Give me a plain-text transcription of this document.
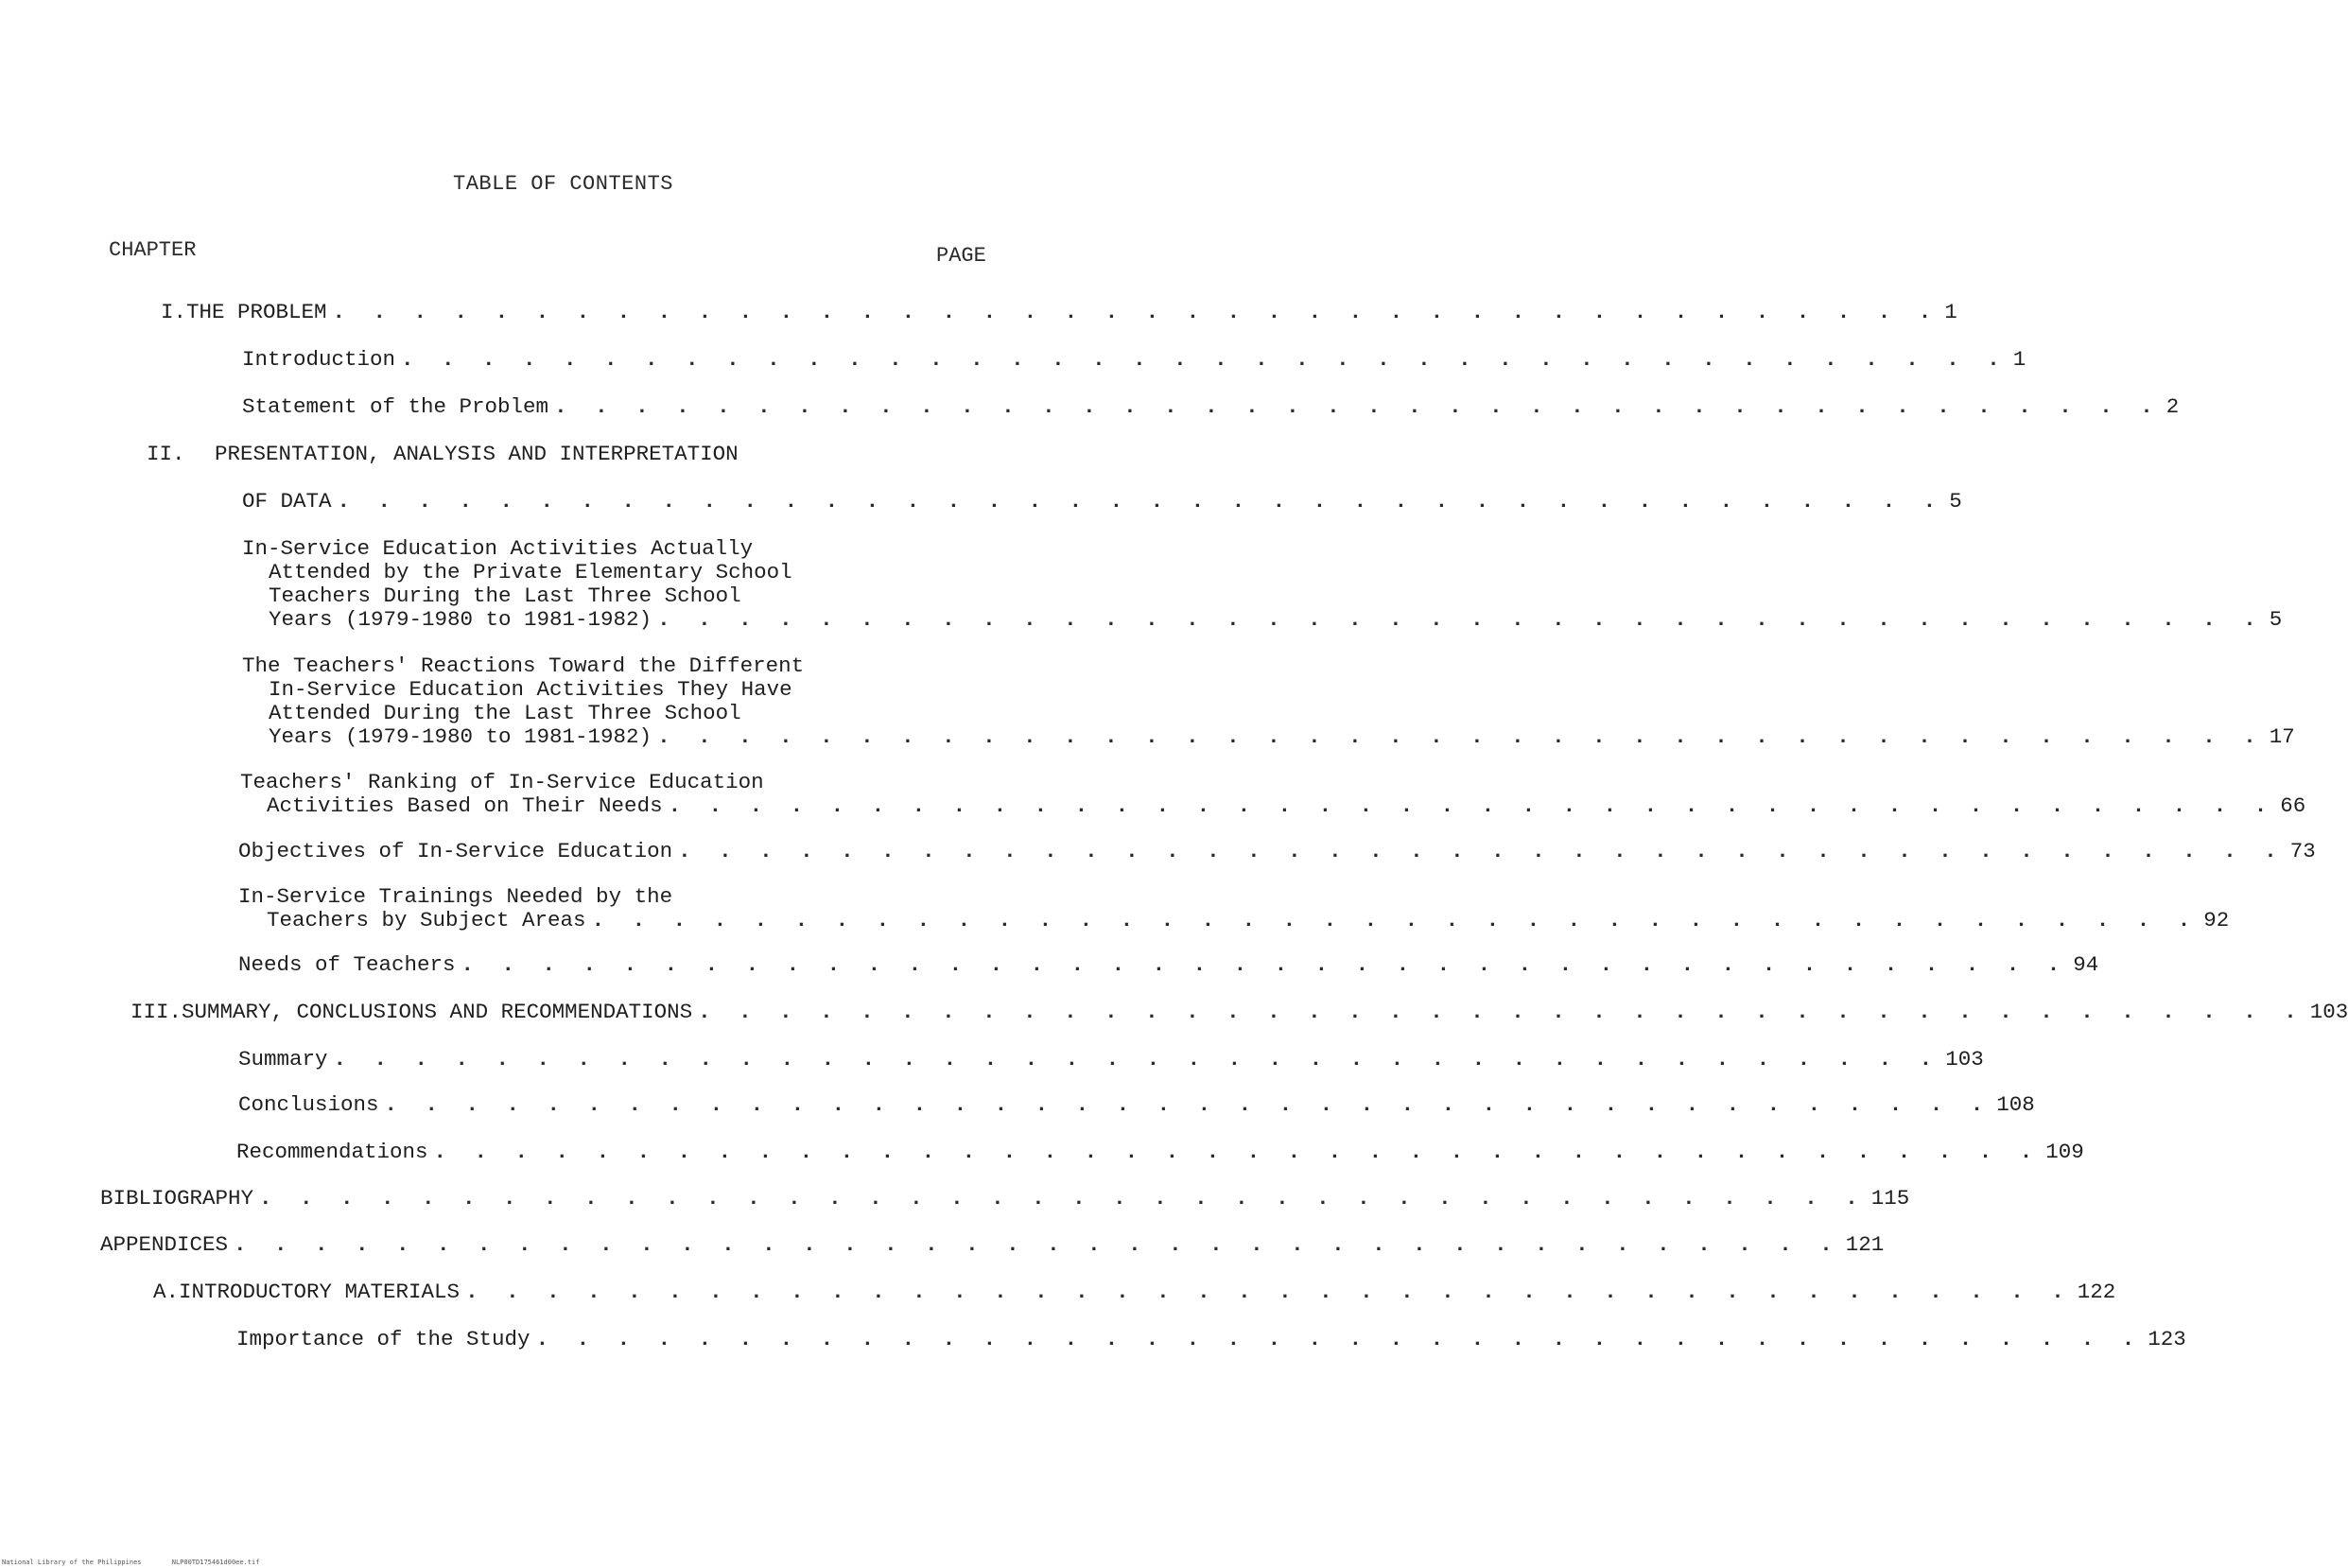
TABLE OF CONTENTS
CHAPTER	PAGE
I. THE PROBLEM . . . . . . . . . . . . . . . . . . . . . . . . . . . . . . . . . . . . . . . . 1
Introduction . . . . . . . . . . . . . . . . . . . . . . . . . . . . . . . . . . . . . . . . 1
Statement of the Problem . . . . . . . . . . . . . . . . . . . . . . . . . . . . . . . . . . . . . . . . 2
II.	PRESENTATION, ANALYSIS AND INTERPRETATION
OF DATA . . . . . . . . . . . . . . . . . . . . . . . . . . . . . . . . . . . . . . . . 5
In-Service Education Activities Actually
Attended by the Private Elementary School
Teachers During the Last Three School
Years (1979-1980 to 1981-1982) . . . . . . . . . . . . . . . . . . . . . . . . . . . . . . . . . . . . . . . . 5
The Teachers' Reactions Toward the Different
In-Service Education Activities They Have
Attended During the Last Three School
Years (1979-1980 to 1981-1982) . . . . . . . . . . . . . . . . . . . . . . . . . . . . . . . . . . . . . . . . 17
Teachers' Ranking of In-Service Education
Activities Based on Their Needs . . . . . . . . . . . . . . . . . . . . . . . . . . . . . . . . . . . . . . . . 66
Objectives of In-Service Education . . . . . . . . . . . . . . . . . . . . . . . . . . . . . . . . . . . . . . . . 73
In-Service Trainings Needed by the
Teachers by Subject Areas . . . . . . . . . . . . . . . . . . . . . . . . . . . . . . . . . . . . . . . . 92
Needs of Teachers . . . . . . . . . . . . . . . . . . . . . . . . . . . . . . . . . . . . . . . . 94
III. SUMMARY, CONCLUSIONS AND RECOMMENDATIONS . . . . . . . . . . . . . . . . . . . . . . . . . . . . . . . . . . . . . . . . 103
Summary . . . . . . . . . . . . . . . . . . . . . . . . . . . . . . . . . . . . . . . . 103
Conclusions . . . . . . . . . . . . . . . . . . . . . . . . . . . . . . . . . . . . . . . . 108
Recommendations . . . . . . . . . . . . . . . . . . . . . . . . . . . . . . . . . . . . . . . . 109
BIBLIOGRAPHY . . . . . . . . . . . . . . . . . . . . . . . . . . . . . . . . . . . . . . . . 115
APPENDICES . . . . . . . . . . . . . . . . . . . . . . . . . . . . . . . . . . . . . . . . 121
A. INTRODUCTORY MATERIALS . . . . . . . . . . . . . . . . . . . . . . . . . . . . . . . . . . . . . . . . 122
Importance of the Study . . . . . . . . . . . . . . . . . . . . . . . . . . . . . . . . . . . . . . . . 123
National Library of the Philippines	NLP00TD175461d00ee.tif
